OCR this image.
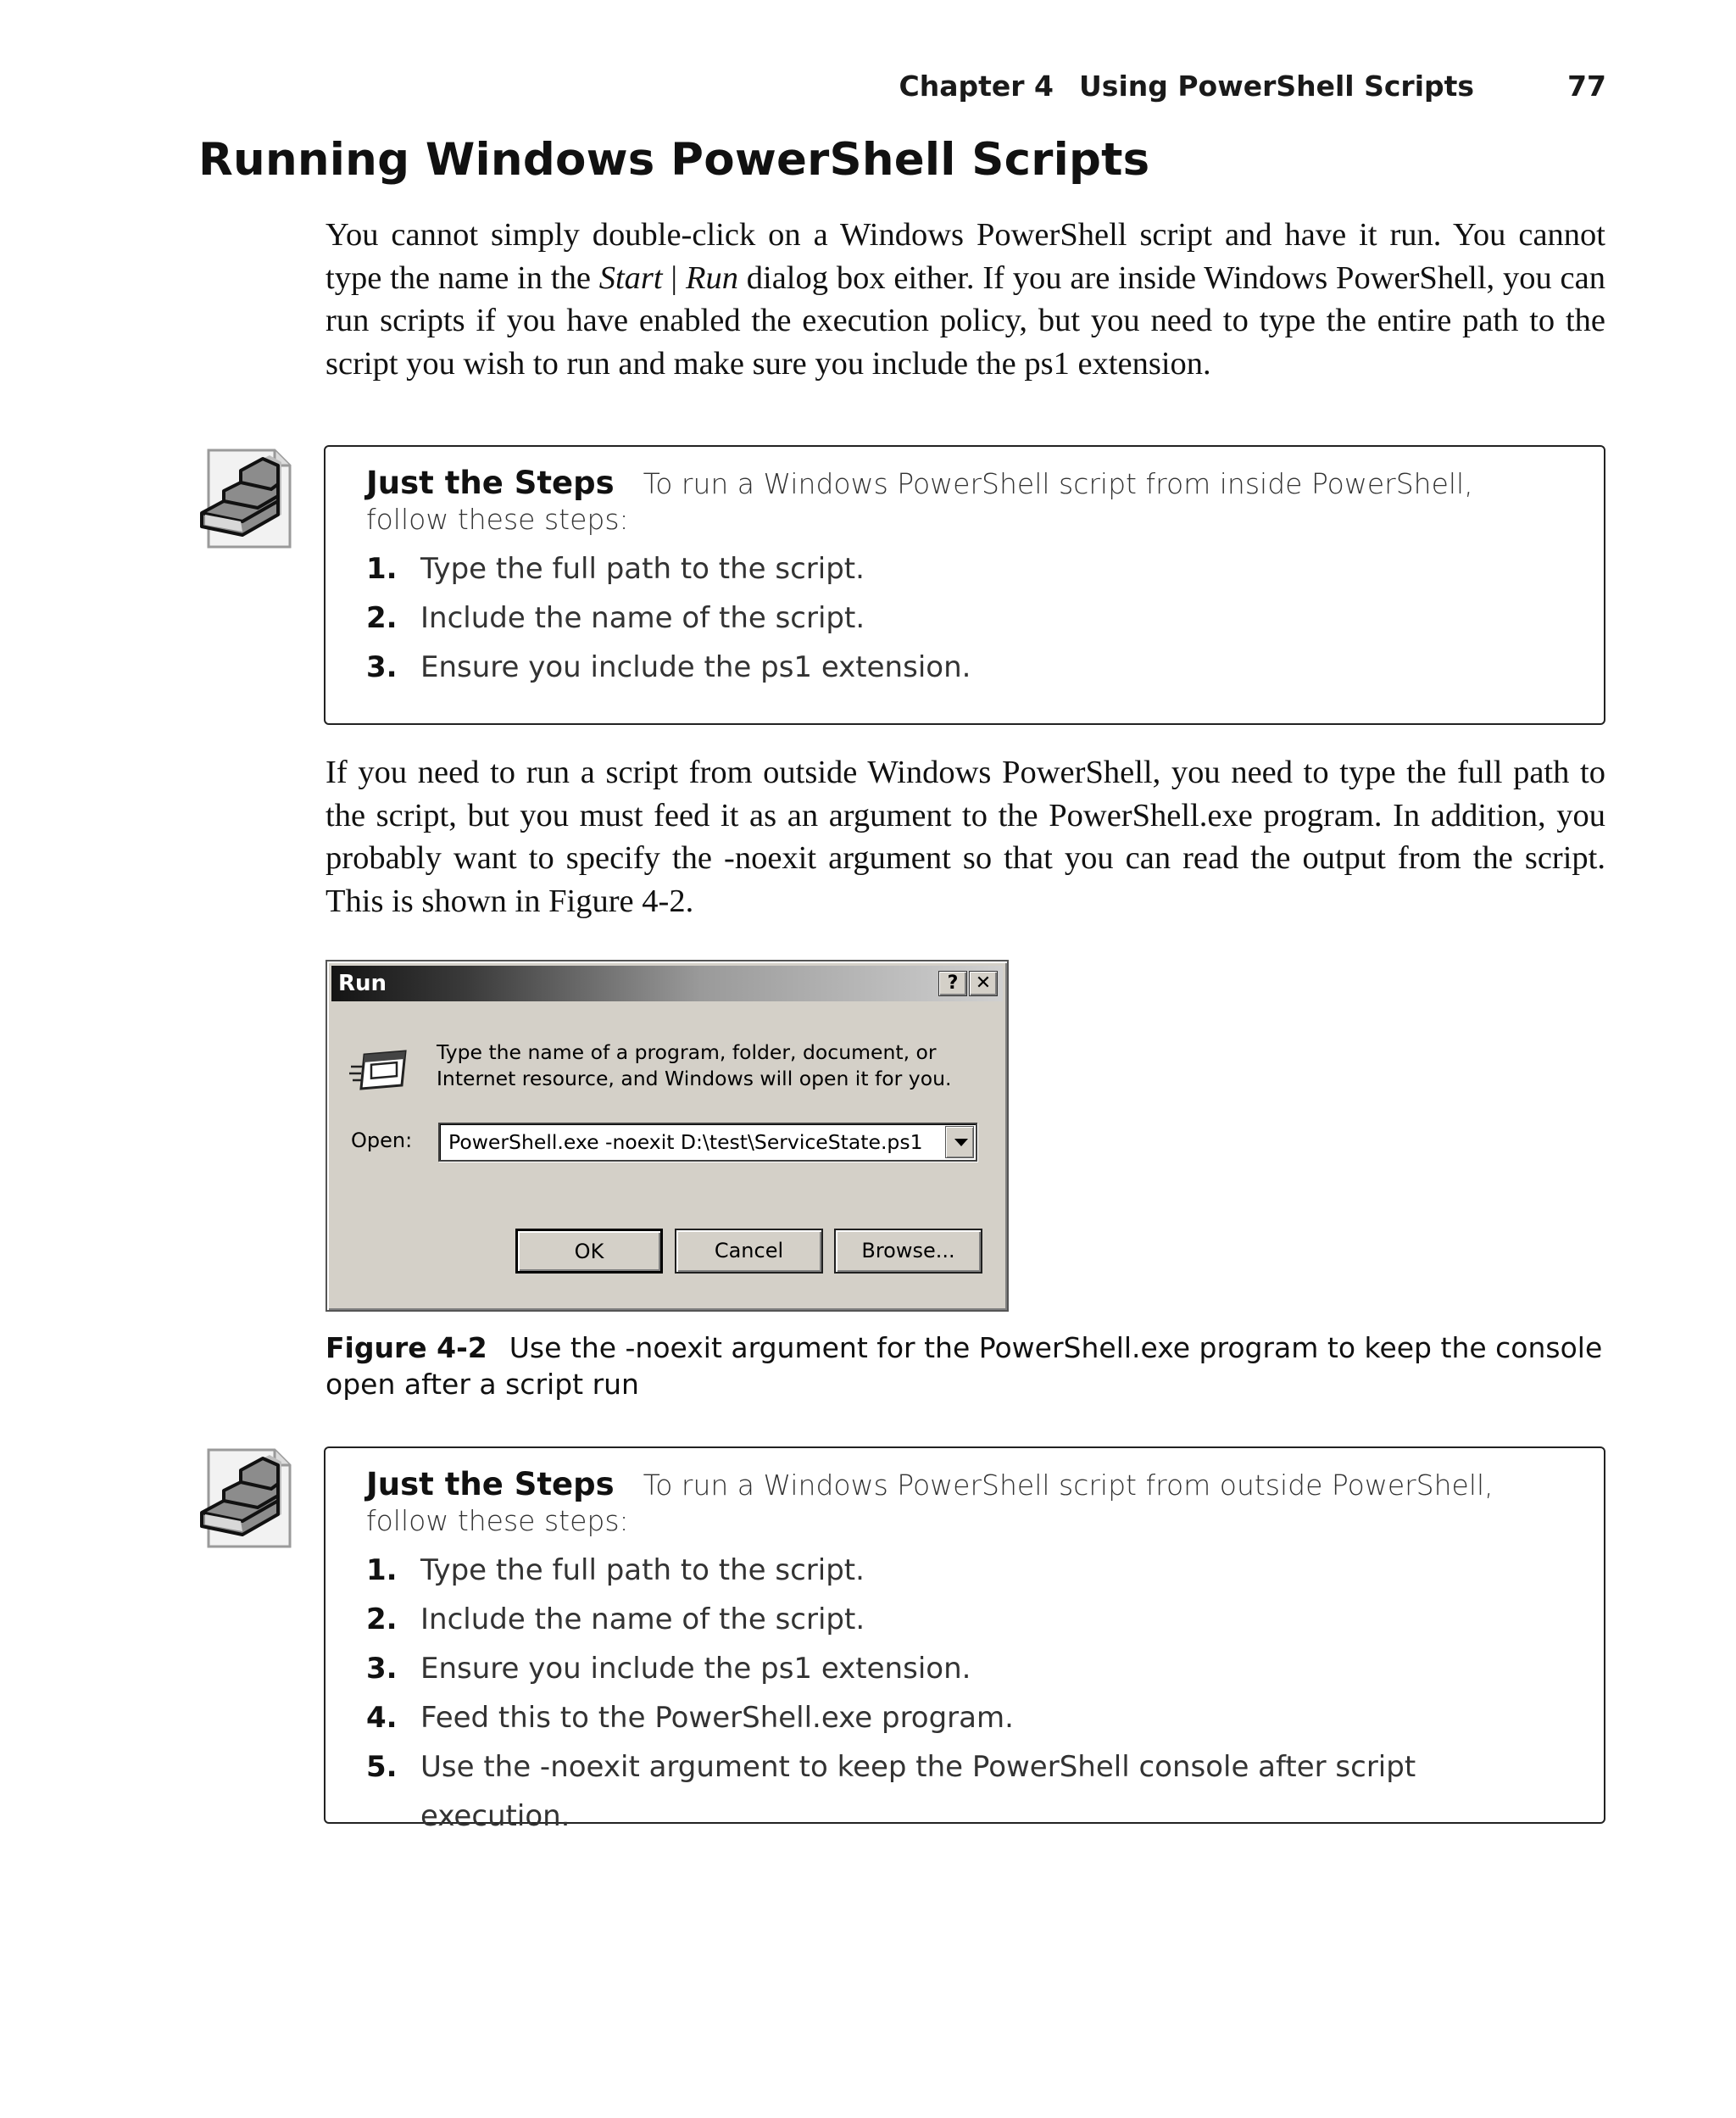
Chapter 4 Using PowerShell Scripts	77
Running Windows PowerShell Scripts

You cannot simply double-click on a Windows PowerShell script and have it run. You cannot type the name in the Start | Run dialog box either. If you are inside Windows PowerShell, you can run scripts if you have enabled the execution policy, but you need to type the entire path to the script you wish to run and make sure you include the ps1 extension.

Just the Steps To run a Windows PowerShell script from inside PowerShell, follow these steps:
1. Type the full path to the script.
2. Include the name of the script.
3. Ensure you include the ps1 extension.

If you need to run a script from outside Windows PowerShell, you need to type the full path to the script, but you must feed it as an argument to the PowerShell.exe program. In addition, you probably want to specify the -noexit argument so that you can read the output from the script. This is shown in Figure 4-2.

Run	? ✕
Type the name of a program, folder, document, or Internet resource, and Windows will open it for you.
Open: PowerShell.exe -noexit D:\test\ServiceState.ps1
OK	Cancel	Browse...

Figure 4-2 Use the -noexit argument for the PowerShell.exe program to keep the console open after a script run

Just the Steps To run a Windows PowerShell script from outside PowerShell, follow these steps:
1. Type the full path to the script.
2. Include the name of the script.
3. Ensure you include the ps1 extension.
4. Feed this to the PowerShell.exe program.
5. Use the -noexit argument to keep the PowerShell console after script execution.
